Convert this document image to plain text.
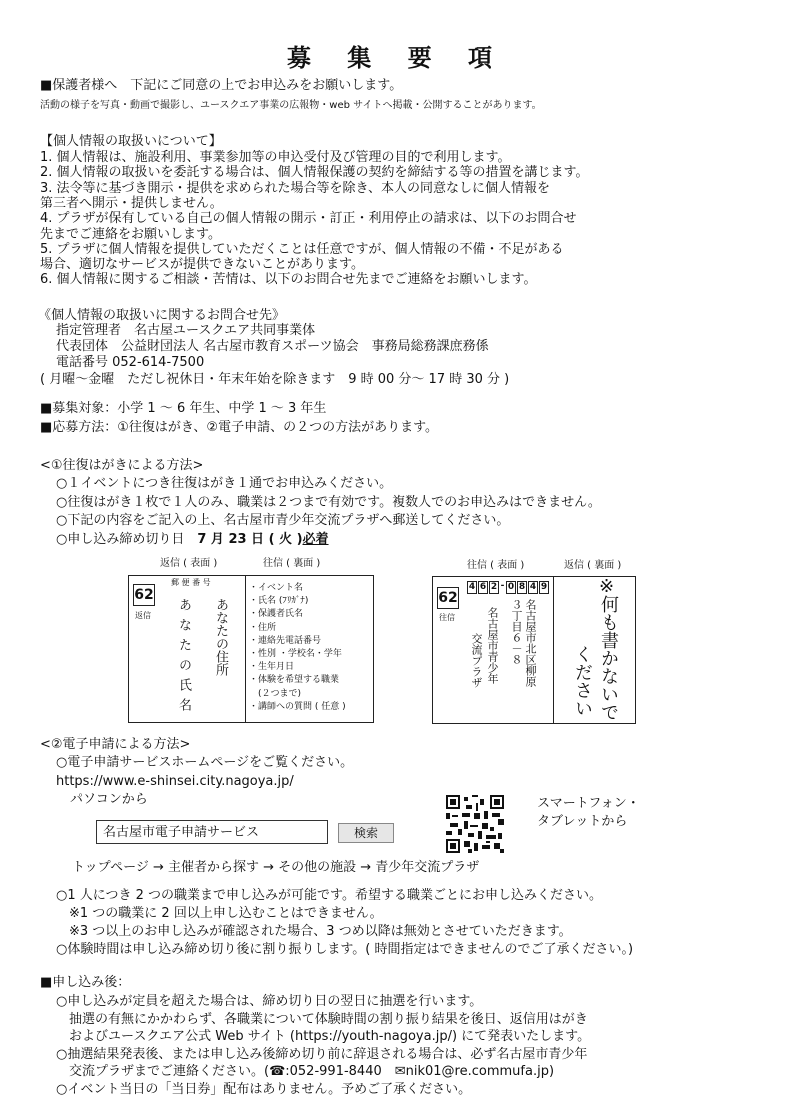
募 集 要 項
■保護者様へ　下記にご同意の上でお申込みをお願いします。
活動の様子を写真・動画で撮影し、ユースクエア事業の広報物・web サイトへ掲載・公開することがあります。
【個人情報の取扱いについて】
1. 個人情報は、施設利用、事業参加等の申込受付及び管理の目的で利用します。
2. 個人情報の取扱いを委託する場合は、個人情報保護の契約を締結する等の措置を講じます。
3. 法令等に基づき開示・提供を求められた場合等を除き、本人の同意なしに個人情報を
第三者へ開示・提供しません。
4. プラザが保有している自己の個人情報の開示・訂正・利用停止の請求は、以下のお問合せ
先までご連絡をお願いします。
5. プラザに個人情報を提供していただくことは任意ですが、個人情報の不備・不足がある
場合、適切なサービスが提供できないことがあります。
6. 個人情報に関するご相談・苦情は、以下のお問合せ先までご連絡をお願いします。
《個人情報の取扱いに関するお問合せ先》
指定管理者　名古屋ユースクエア共同事業体
代表団体　公益財団法人 名古屋市教育スポーツ協会　事務局総務課庶務係
電話番号 052-614-7500
( 月曜～金曜　ただし祝休日・年末年始を除きます　9 時 00 分～ 17 時 30 分 )
■募集対象：小学 1 ～ 6 年生、中学 1 ～ 3 年生
■応募方法：①往復はがき、②電子申請、の２つの方法があります。
<①往復はがきによる方法>
○１イベントにつき往復はがき１通でお申込みください。
○往復はがき１枚で１人のみ、職業は２つまで有効です。複数人でのお申込みはできません。
○下記の内容をご記入の上、名古屋市青少年交流プラザへ郵送してください。
○申し込み締め切り日　7 月 23 日 ( 火 )必着
返信 ( 表面 )	往信 ( 裏面 )
62
返信
郵 便 番 号
あなたの住所
あなたの氏名
・イベント名
・氏名 (ﾌﾘｶﾞﾅ)
・保護者氏名
・住所
・連絡先電話番号
・性別 ・学校名・学年
・生年月日
・体験を希望する職業
　(２つまで)
・講師への質問 ( 任意 )
往信 ( 表面 )	返信 ( 裏面 )
62
往信
4 6 2 - 0 8 4 9
名古屋市北区柳原
３丁目６－８
名古屋市青少年
交流プラザ
※
何も書かないで
ください
<②電子申請による方法>
○電子申請サービスホームページをご覧ください。
https://www.e-shinsei.city.nagoya.jp/
パソコンから
名古屋市電子申請サービス	検索
スマートフォン・
タブレットから
トップページ → 主催者から探す → その他の施設 → 青少年交流プラザ
○1 人につき 2 つの職業まで申し込みが可能です。希望する職業ごとにお申し込みください。
　※1 つの職業に 2 回以上申し込むことはできません。
　※3 つ以上のお申し込みが確認された場合、3 つめ以降は無効とさせていただきます。
○体験時間は申し込み締め切り後に割り振りします。( 時間指定はできませんのでご了承ください。)
■申し込み後：
○申し込みが定員を超えた場合は、締め切り日の翌日に抽選を行います。
　抽選の有無にかかわらず、各職業について体験時間の割り振り結果を後日、返信用はがき
　およびユースクエア公式 Web サイト (https://youth-nagoya.jp/) にて発表いたします。
○抽選結果発表後、または申し込み後締め切り前に辞退される場合は、必ず名古屋市青少年
　交流プラザまでご連絡ください。(☎:052-991-8440　✉nik01@re.commufa.jp)
○イベント当日の「当日券」配布はありません。予めご了承ください。
